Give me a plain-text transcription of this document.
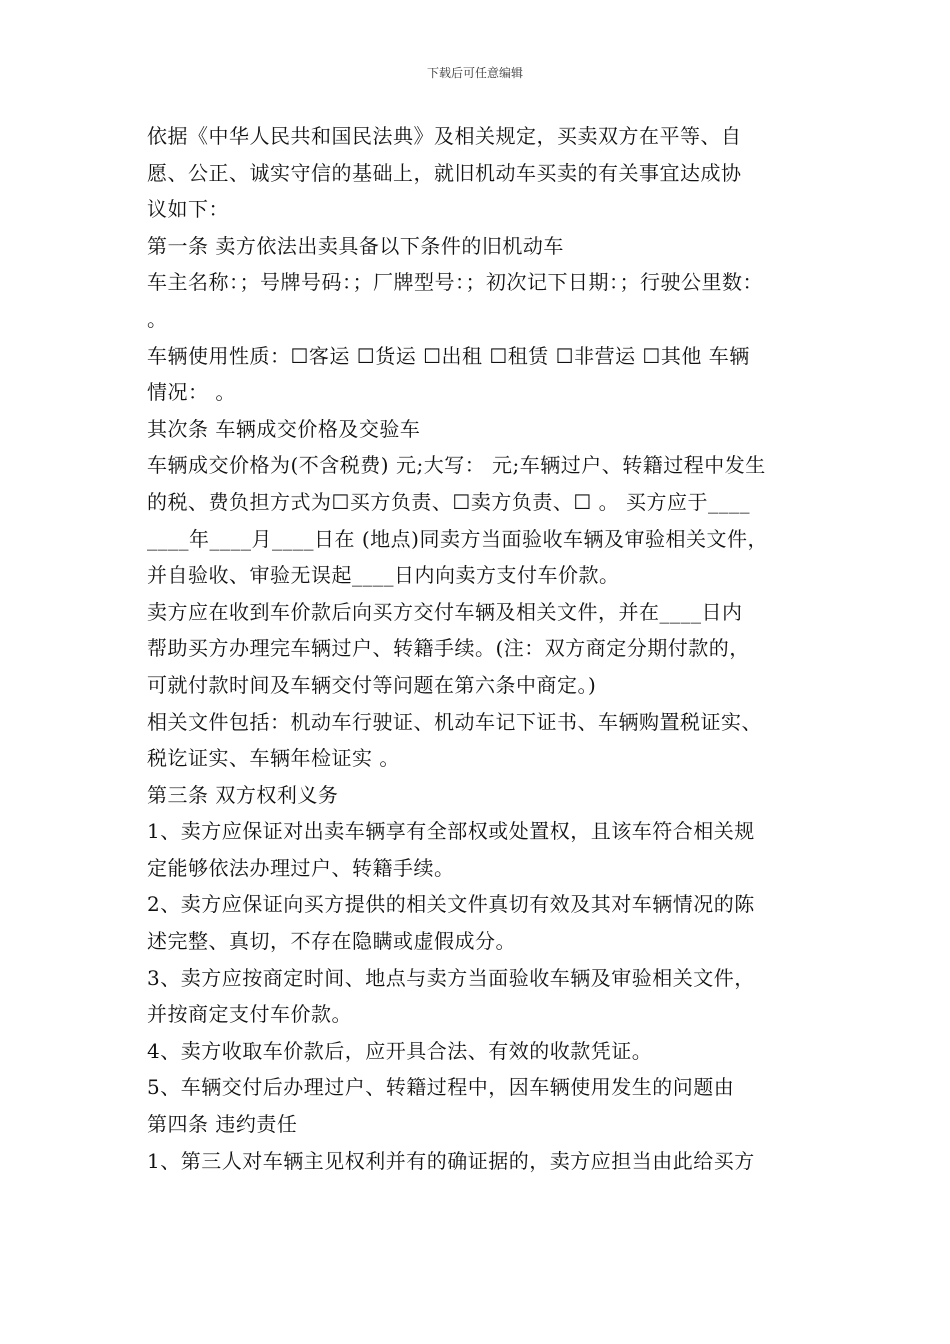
下载后可任意编辑
依据《中华人民共和国民法典》及相关规定，买卖双方在平等、自
愿、公正、诚实守信的基础上，就旧机动车买卖的有关事宜达成协
议如下：
第一条 卖方依法出卖具备以下条件的旧机动车
车主名称：；号牌号码：；厂牌型号：；初次记下日期：；行驶公里数：
。
车辆使用性质：☐客运 ☐货运 ☐出租 ☐租赁 ☐非营运 ☐其他 车辆
情况： 。
其次条 车辆成交价格及交验车
车辆成交价格为(不含税费) 元;大写： 元;车辆过户、转籍过程中发生
的税、费负担方式为☐买方负责、☐卖方负责、☐ 。 买方应于____
____年____月____日在 (地点)同卖方当面验收车辆及审验相关文件，
并自验收、审验无误起____日内向卖方支付车价款。
卖方应在收到车价款后向买方交付车辆及相关文件，并在____日内
帮助买方办理完车辆过户、转籍手续。(注：双方商定分期付款的，
可就付款时间及车辆交付等问题在第六条中商定。)
相关文件包括：机动车行驶证、机动车记下证书、车辆购置税证实、
税讫证实、车辆年检证实 。
第三条 双方权利义务
1、卖方应保证对出卖车辆享有全部权或处置权，且该车符合相关规
定能够依法办理过户、转籍手续。
2、卖方应保证向买方提供的相关文件真切有效及其对车辆情况的陈
述完整、真切，不存在隐瞒或虚假成分。
3、卖方应按商定时间、地点与卖方当面验收车辆及审验相关文件，
并按商定支付车价款。
4、卖方收取车价款后，应开具合法、有效的收款凭证。
5、车辆交付后办理过户、转籍过程中，因车辆使用发生的问题由
第四条 违约责任
1、第三人对车辆主见权利并有的确证据的，卖方应担当由此给买方
